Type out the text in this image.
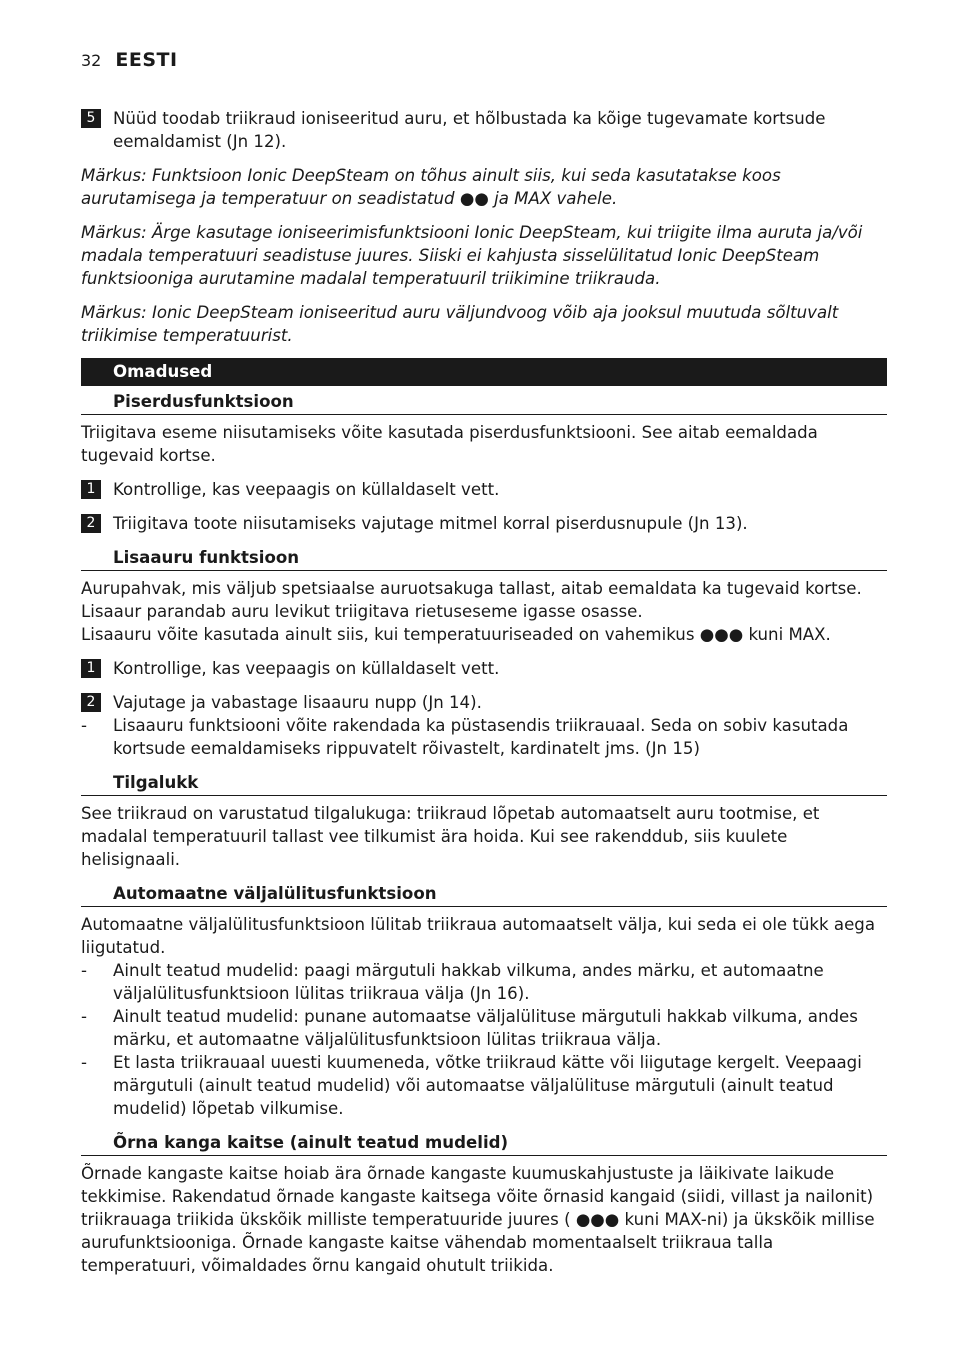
32 EESTI
5	Nüüd toodab triikraud ioniseeritud auru, et hõlbustada ka kõige tugevamate kortsude eemaldamist (Jn 12).
Märkus: Funktsioon Ionic DeepSteam on tõhus ainult siis, kui seda kasutatakse koos aurutamisega ja temperatuur on seadistatud ●● ja MAX vahele.
Märkus: Ärge kasutage ioniseerimisfunktsiooni Ionic DeepSteam, kui triigite ilma auruta ja/või madala temperatuuri seadistuse juures. Siiski ei kahjusta sisselülitatud Ionic DeepSteam funktsiooniga aurutamine madalal temperatuuril triikimine triikrauda.
Märkus: Ionic DeepSteam ioniseeritud auru väljundvoog võib aja jooksul muutuda sõltuvalt triikimise temperatuurist.
Omadused
Piserdusfunktsioon
Triigitava eseme niisutamiseks võite kasutada piserdusfunktsiooni. See aitab eemaldada tugevaid kortse.
1	Kontrollige, kas veepaagis on küllaldaselt vett.
2	Triigitava toote niisutamiseks vajutage mitmel korral piserdusnupule (Jn 13).
Lisaauru funktsioon
Aurupahvak, mis väljub spetsiaalse auruotsakuga tallast, aitab eemaldata ka tugevaid kortse. Lisaaur parandab auru levikut triigitava rietuseseme igasse osasse.
Lisaauru võite kasutada ainult siis, kui temperatuuriseaded on vahemikus ●●● kuni MAX.
1	Kontrollige, kas veepaagis on küllaldaselt vett.
2	Vajutage ja vabastage lisaauru nupp (Jn 14).
-	Lisaauru funktsiooni võite rakendada ka püstasendis triikrauaal. Seda on sobiv kasutada kortsude eemaldamiseks rippuvatelt rõivastelt, kardinatelt jms. (Jn 15)
Tilgalukk
See triikraud on varustatud tilgalukuga: triikraud lõpetab automaatselt auru tootmise, et madalal temperatuuril tallast vee tilkumist ära hoida. Kui see rakenddub, siis kuulete helisignaali.
Automaatne väljalülitusfunktsioon
Automaatne väljalülitusfunktsioon lülitab triikraua automaatselt välja, kui seda ei ole tükk aega liigutatud.
-	Ainult teatud mudelid: paagi märgutuli hakkab vilkuma, andes märku, et automaatne väljalülitusfunktsioon lülitas triikraua välja (Jn 16).
-	Ainult teatud mudelid: punane automaatse väljalülituse märgutuli hakkab vilkuma, andes märku, et automaatne väljalülitusfunktsioon lülitas triikraua välja.
-	Et lasta triikrauaal uuesti kuumeneda, võtke triikraud kätte või liigutage kergelt. Veepaagi märgutuli (ainult teatud mudelid) või automaatse väljalülituse märgutuli (ainult teatud mudelid) lõpetab vilkumise.
Õrna kanga kaitse (ainult teatud mudelid)
Õrnade kangaste kaitse hoiab ära õrnade kangaste kuumuskahjustuste ja läikivate laikude tekkimise. Rakendatud õrnade kangaste kaitsega võite õrnasid kangaid (siidi, villast ja nailonit) triikrauaga triikida ükskõik milliste temperatuuride juures ( ●●● kuni MAX-ni) ja ükskõik millise aurufunktsiooniga. Õrnade kangaste kaitse vähendab momentaalselt triikraua talla temperatuuri, võimaldades õrnu kangaid ohutult triikida.
